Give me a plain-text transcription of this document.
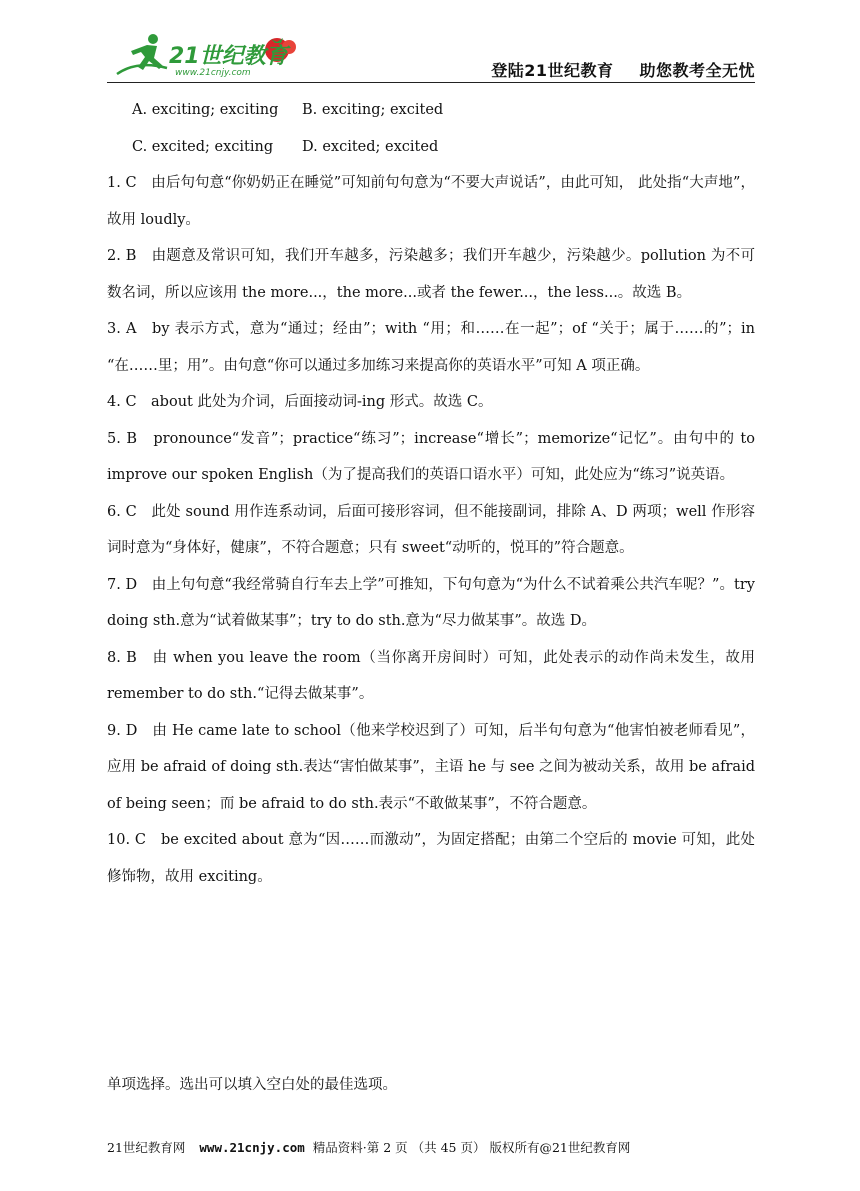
21世纪教育
www.21cnjy.com	登陆21世纪教育 助您教考全无忧
A. exciting; exciting B. exciting; excited
C. excited; exciting D. excited; excited
1. C　由后句句意“你奶奶正在睡觉”可知前句句意为“不要大声说话”，由此可知， 此处指“大声地”，故用 loudly。
2. B　由题意及常识可知，我们开车越多，污染越多；我们开车越少，污染越少。pollution 为不可数名词，所以应该用 the more...，the more...或者 the fewer...，the less...。故选 B。
3. A　by 表示方式，意为“通过；经由”；with “用；和……在一起”；of “关于；属于……的”；in “在……里；用”。由句意“你可以通过多加练习来提高你的英语水平”可知 A 项正确。
4. C　about 此处为介词，后面接动词-ing 形式。故选 C。
5. B　pronounce“发音”；practice“练习”；increase“增长”；memorize“记忆”。由句中的 to improve our spoken English（为了提高我们的英语口语水平）可知，此处应为“练习”说英语。
6. C　此处 sound 用作连系动词，后面可接形容词，但不能接副词，排除 A、D 两项；well 作形容词时意为“身体好，健康”，不符合题意；只有 sweet“动听的，悦耳的”符合题意。
7. D　由上句句意“我经常骑自行车去上学”可推知，下句句意为“为什么不试着乘公共汽车呢？”。try doing sth.意为“试着做某事”；try to do sth.意为“尽力做某事”。故选 D。
8. B　由 when you leave the room（当你离开房间时）可知，此处表示的动作尚未发生，故用 remember to do sth.“记得去做某事”。
9. D　由 He came late to school（他来学校迟到了）可知，后半句句意为“他害怕被老师看见”，应用 be afraid of doing sth.表达“害怕做某事”，主语 he 与 see 之间为被动关系，故用 be afraid of being seen；而 be afraid to do sth.表示“不敢做某事”，不符合题意。
10. C　be excited about 意为“因……而激动”，为固定搭配；由第二个空后的 movie 可知，此处修饰物，故用 exciting。
单项选择。选出可以填入空白处的最佳选项。
21世纪教育网 www.21cnjy.com 精品资料·第 2 页 （共 45 页） 版权所有@21世纪教育网
